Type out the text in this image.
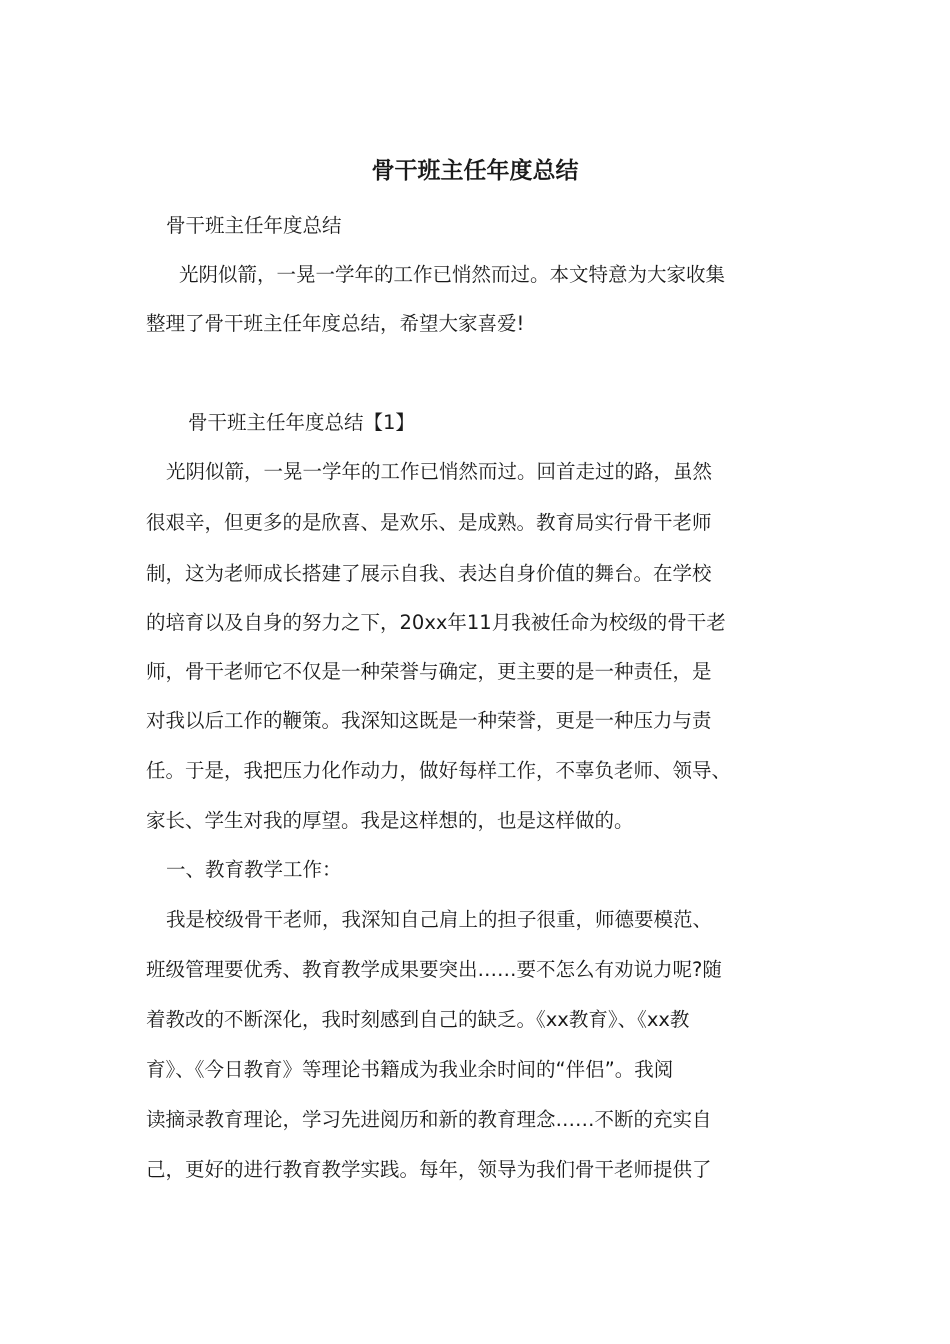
骨干班主任年度总结
骨干班主任年度总结
光阴似箭，一晃一学年的工作已悄然而过。本文特意为大家收集
整理了骨干班主任年度总结，希望大家喜爱!
骨干班主任年度总结【1】
光阴似箭，一晃一学年的工作已悄然而过。回首走过的路，虽然
很艰辛，但更多的是欣喜、是欢乐、是成熟。教育局实行骨干老师
制，这为老师成长搭建了展示自我、表达自身价值的舞台。在学校
的培育以及自身的努力之下，20xx年11月我被任命为校级的骨干老
师，骨干老师它不仅是一种荣誉与确定，更主要的是一种责任，是
对我以后工作的鞭策。我深知这既是一种荣誉，更是一种压力与责
任。于是，我把压力化作动力，做好每样工作，不辜负老师、领导、
家长、学生对我的厚望。我是这样想的，也是这样做的。
一、教育教学工作：
我是校级骨干老师，我深知自己肩上的担子很重，师德要模范、
班级管理要优秀、教育教学成果要突出……要不怎么有劝说力呢?随
着教改的不断深化，我时刻感到自己的缺乏。《xx教育》、《xx教
育》、《今日教育》等理论书籍成为我业余时间的“伴侣”。我阅
读摘录教育理论，学习先进阅历和新的教育理念……不断的充实自
己，更好的进行教育教学实践。每年，领导为我们骨干老师提供了
